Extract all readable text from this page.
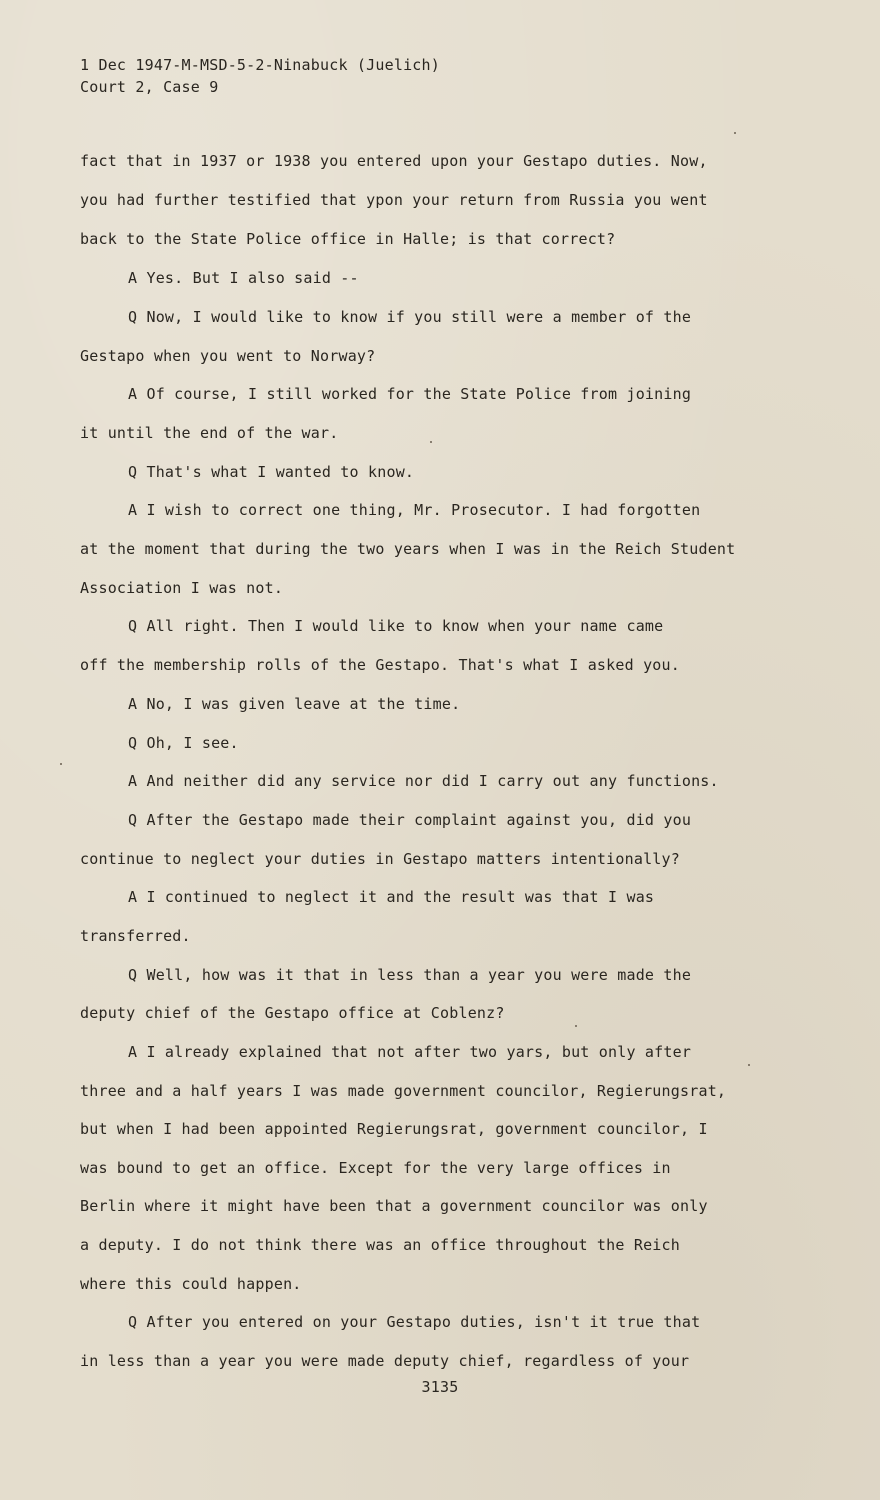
1 Dec 1947-M-MSD-5-2-Ninabuck (Juelich)
Court 2, Case 9
fact that in 1937 or 1938 you entered upon your Gestapo duties. Now,
you had further testified that ypon your return from Russia you went
back to the State Police office in Halle; is that correct?
A Yes. But I also said --
Q Now, I would like to know if you still were a member of the
Gestapo when you went to Norway?
A Of course, I still worked for the State Police from joining
it until the end of the war.
Q That's what I wanted to know.
A I wish to correct one thing, Mr. Prosecutor. I had forgotten
at the moment that during the two years when I was in the Reich Student
Association I was not.
Q All right. Then I would like to know when your name came
off the membership rolls of the Gestapo. That's what I asked you.
A No, I was given leave at the time.
Q Oh, I see.
A And neither did any service nor did I carry out any functions.
Q After the Gestapo made their complaint against you, did you
continue to neglect your duties in Gestapo matters intentionally?
A I continued to neglect it and the result was that I was
transferred.
Q Well, how was it that in less than a year you were made the
deputy chief of the Gestapo office at Coblenz?
A I already explained that not after two yars, but only after
three and a half years I was made government councilor, Regierungsrat,
but when I had been appointed Regierungsrat, government councilor, I
was bound to get an office. Except for the very large offices in
Berlin where it might have been that a government councilor was only
a deputy. I do not think there was an office throughout the Reich
where this could happen.
Q After you entered on your Gestapo duties, isn't it true that
in less than a year you were made deputy chief, regardless of your
3135
